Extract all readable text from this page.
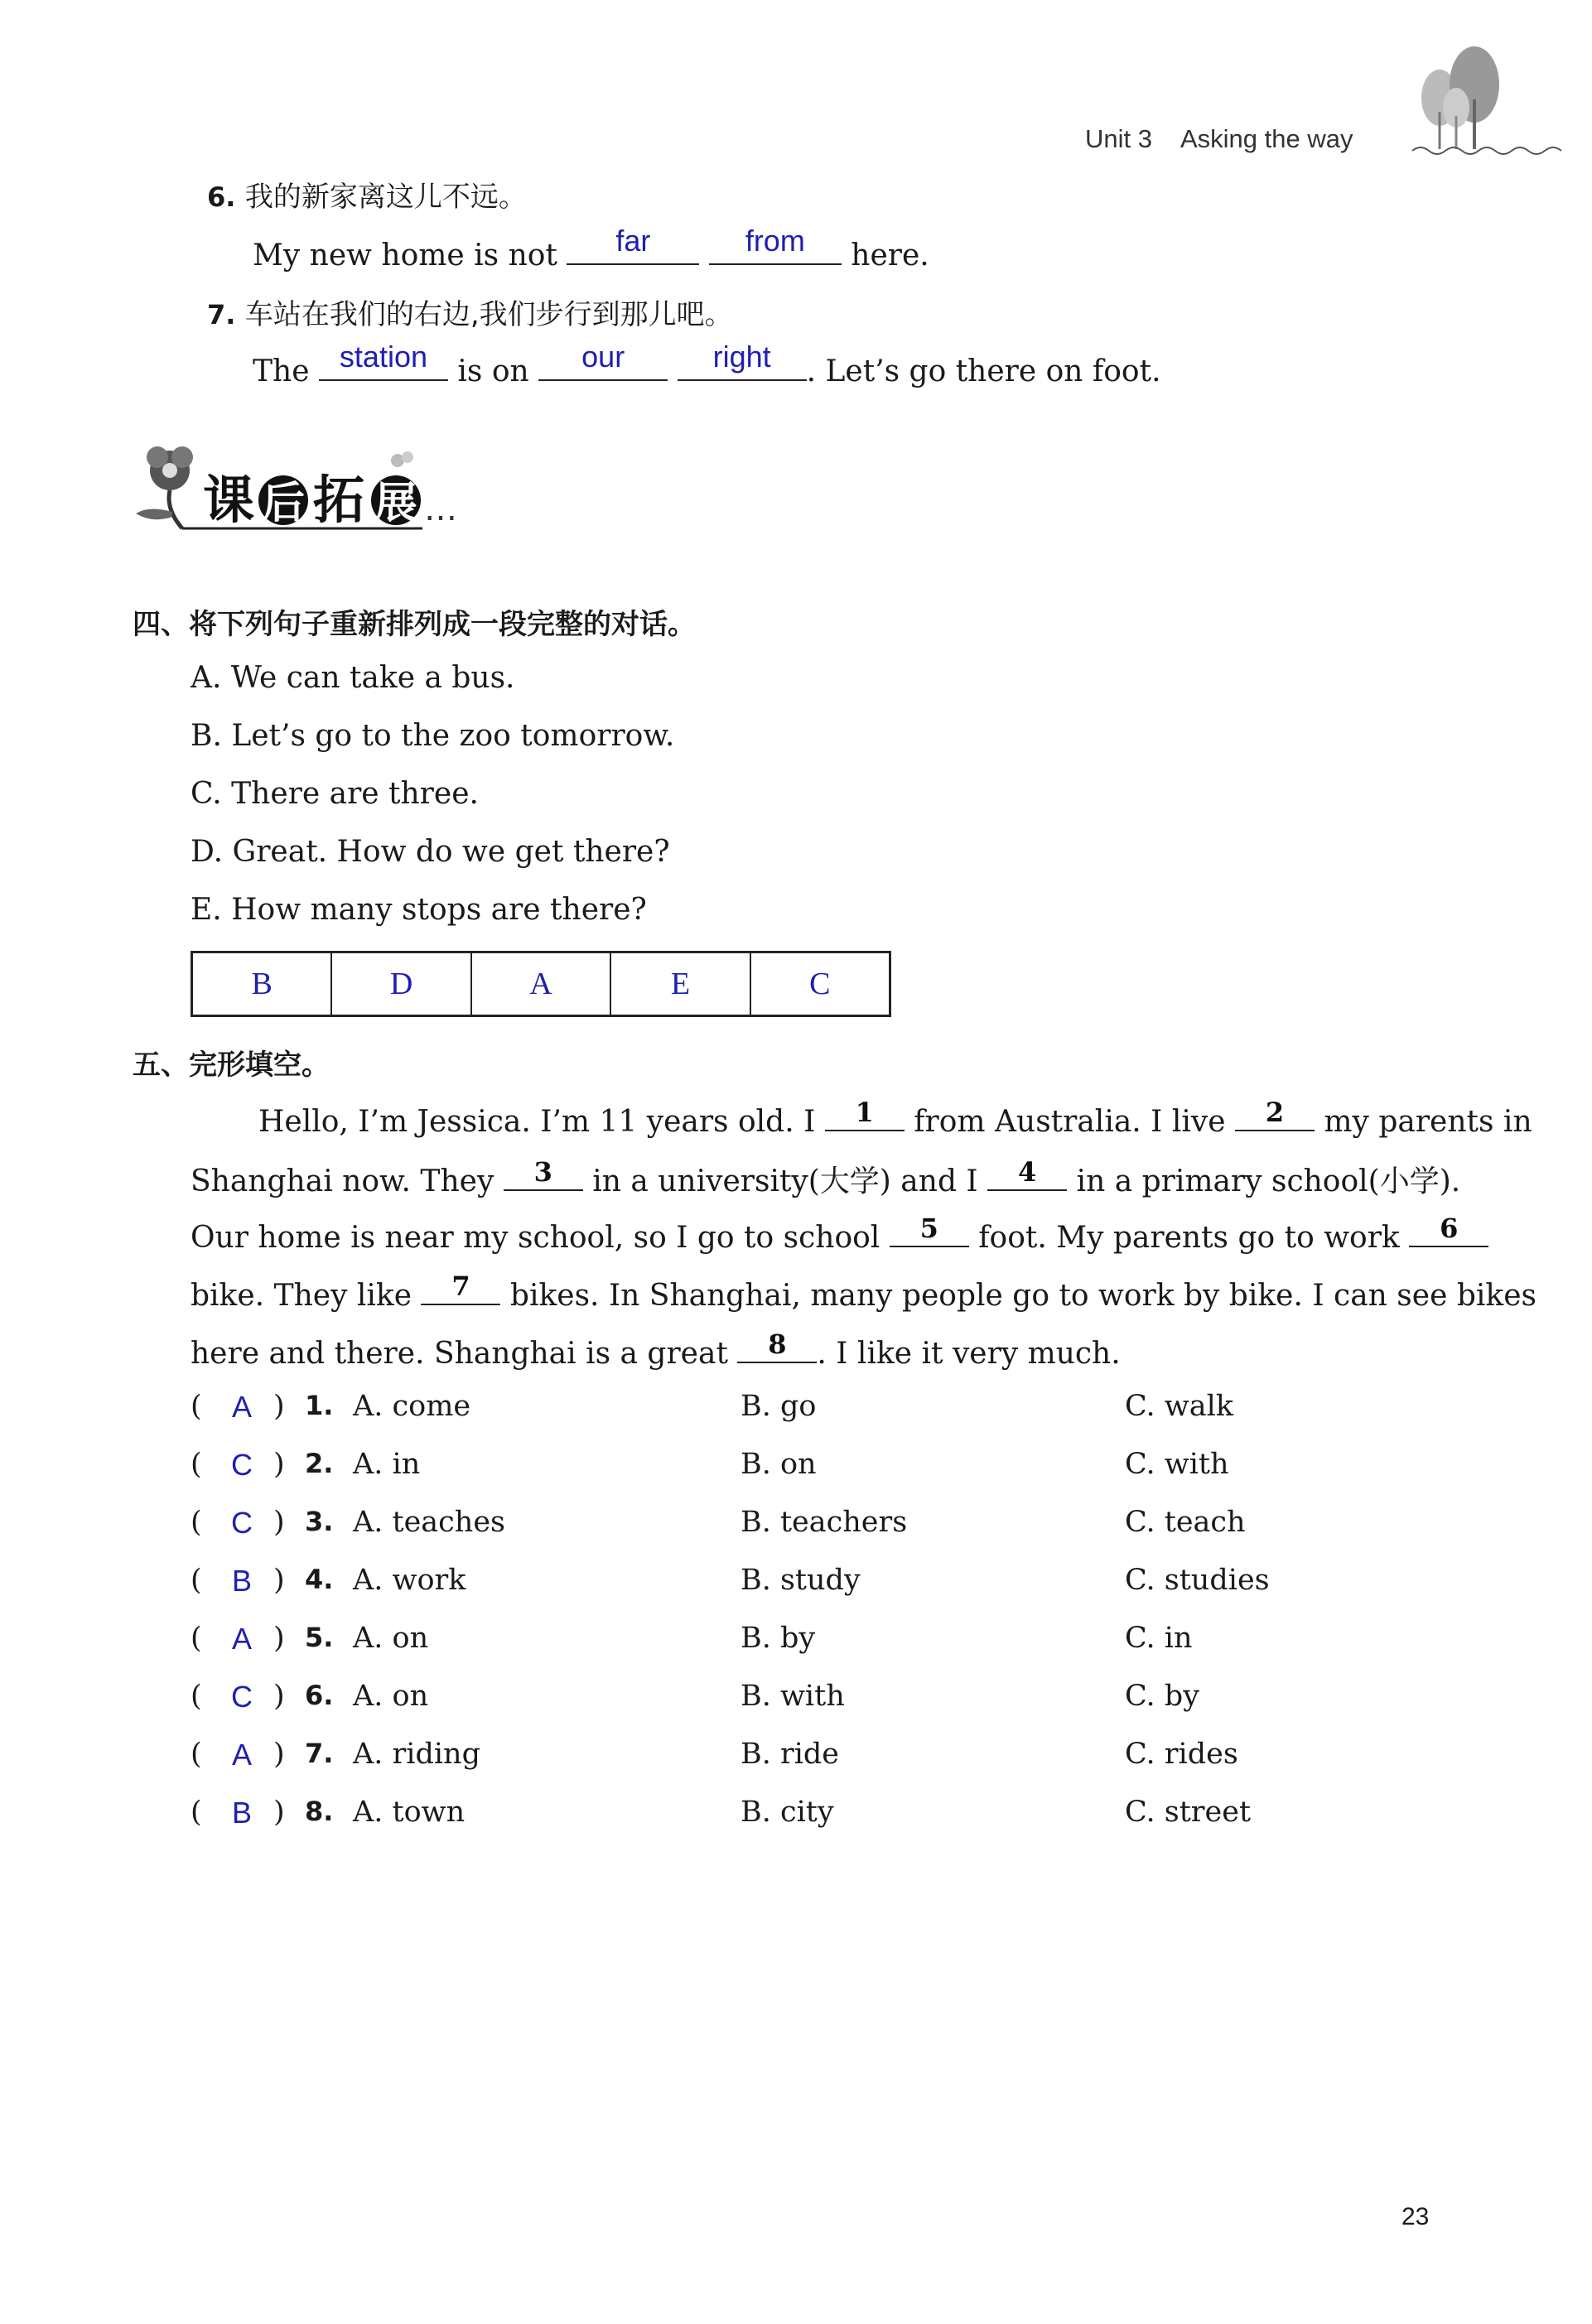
Unit 3 Asking the way
6. 我的新家离这儿不远。
My new home is not	far
	from	here.
7. 车站在我们的右边,我们步行到那儿吧。
The	station	is on	our
	right	. Let’s go there on foot.
课 后 拓 展 …
四、将下列句子重新排列成一段完整的对话。
A. We can take a bus.
B. Let’s go to the zoo tomorrow.
C. There are three.
D. Great. How do we get there?
E. How many stops are there?
B	D	A	E	C
五、完形填空。
Hello, I’m Jessica. I’m 11 years old. I	1	from Australia. I live	2	my parents in
Shanghai now. They	3	in a university(大学) and I	4	in a primary school(小学).
Our home is near my school, so I go to school	5	foot. My parents go to work	6
bike. They like	7	bikes. In Shanghai, many people go to work by bike. I can see bikes
here and there. Shanghai is a great	8	. I like it very much.
( A ) 1. A. come	B. go	C. walk
( C ) 2. A. in	B. on	C. with
( C ) 3. A. teaches	B. teachers	C. teach
( B ) 4. A. work	B. study	C. studies
( A ) 5. A. on	B. by	C. in
( C ) 6. A. on	B. with	C. by
( A ) 7. A. riding	B. ride	C. rides
( B ) 8. A. town	B. city	C. street
23
